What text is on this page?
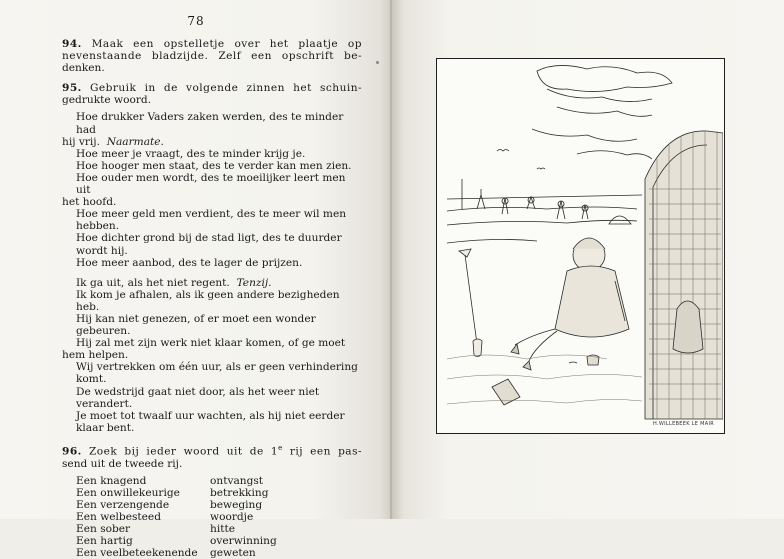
78

94. Maak een opstelletje over het plaatje op

nevenstaande bladzijde. Zelf een opschrift be-

denken.

95. Gebruik in de volgende zinnen het schuin-

gedrukte woord.

Hoe drukker Vaders zaken werden, des te minder had

hij vrij. Naarmate.

Hoe meer je vraagt, des te minder krijg je.

Hoe hooger men staat, des te verder kan men zien.

Hoe ouder men wordt, des te moeilijker leert men uit

het hoofd.

Hoe meer geld men verdient, des te meer wil men hebben.

Hoe dichter grond bij de stad ligt, des te duurder wordt hij.

Hoe meer aanbod, des te lager de prijzen.

Ik ga uit, als het niet regent. Tenzij.

Ik kom je afhalen, als ik geen andere bezigheden heb.

Hij kan niet genezen, of er moet een wonder gebeuren.

Hij zal met zijn werk niet klaar komen, of ge moet

hem helpen.

Wij vertrekken om één uur, als er geen verhindering komt.

De wedstrijd gaat niet door, als het weer niet verandert.

Je moet tot twaalf uur wachten, als hij niet eerder klaar bent.

96. Zoek bij ieder woord uit de 1e rij een pas-

send uit de tweede rij.

Een knagend	ontvangst
Een onwillekeurige	betrekking
Een verzengende	beweging
Een welbesteed	woordje
Een sober	hitte
Een hartig	overwinning
Een veelbeteekenende	geweten
H.WILLEBEEK LE MAIR
